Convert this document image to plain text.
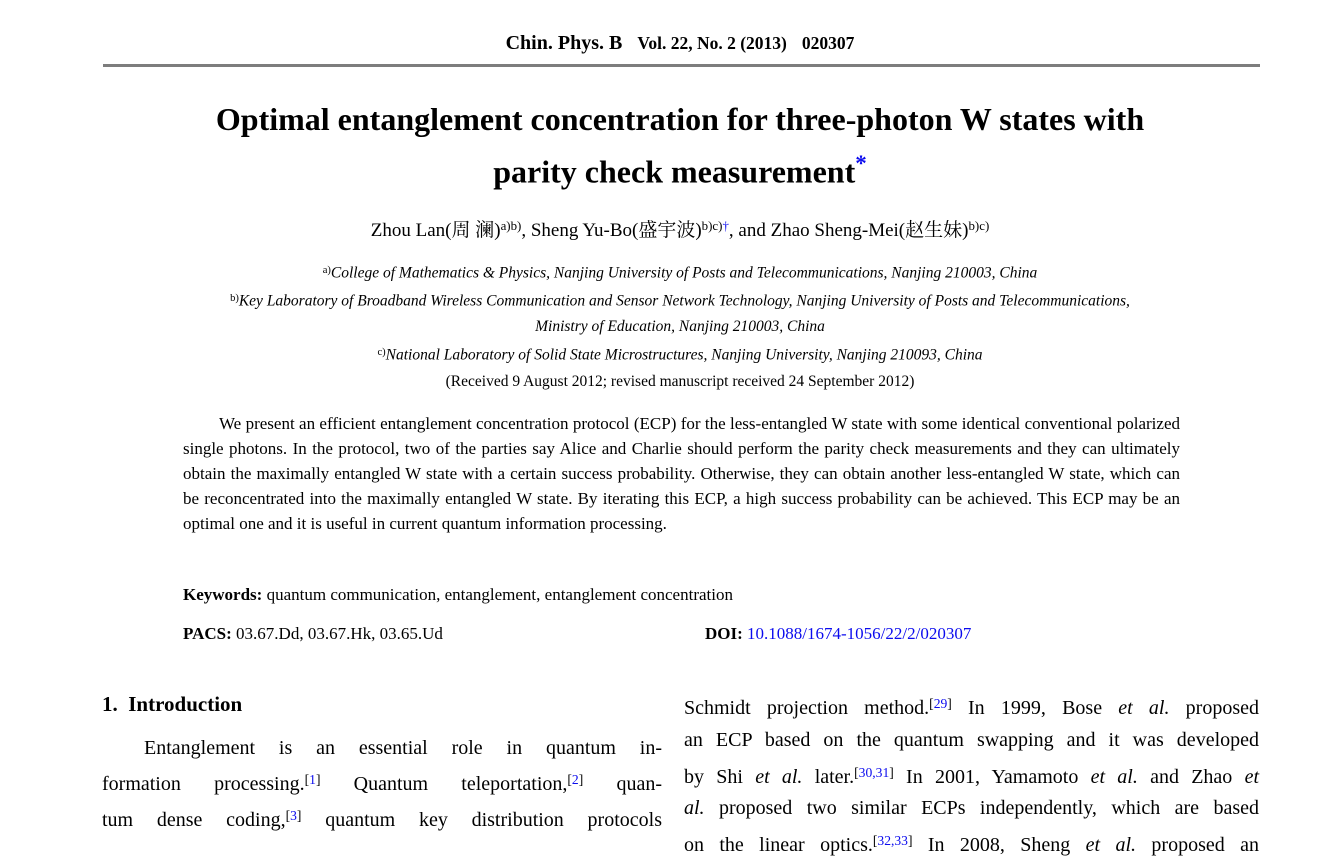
Chin. Phys. B Vol. 22, No. 2 (2013) 020307
Optimal entanglement concentration for three-photon W states with
parity check measurement*
Zhou Lan(周 澜)$^{a)b)}$, Sheng Yu-Bo(盛宇波)$^{b)c)\dagger}$, and Zhao Sheng-Mei(赵生妹)$^{b)c)}$
$^{a)}$College of Mathematics & Physics, Nanjing University of Posts and Telecommunications, Nanjing 210003, China
$^{b)}$Key Laboratory of Broadband Wireless Communication and Sensor Network Technology, Nanjing University of Posts and Telecommunications,
Ministry of Education, Nanjing 210003, China
$^{c)}$National Laboratory of Solid State Microstructures, Nanjing University, Nanjing 210093, China
(Received 9 August 2012; revised manuscript received 24 September 2012)
We present an efficient entanglement concentration protocol (ECP) for the less-entangled W state with some identical conventional polarized single photons. In the protocol, two of the parties say Alice and Charlie should perform the parity check measurements and they can ultimately obtain the maximally entangled W state with a certain success probability. Otherwise, they can obtain another less-entangled W state, which can be reconcentrated into the maximally entangled W state. By iterating this ECP, a high success probability can be achieved. This ECP may be an optimal one and it is useful in current quantum information processing.
Keywords: quantum communication, entanglement, entanglement concentration
PACS: 03.67.Dd, 03.67.Hk, 03.65.Ud	DOI: 10.1088/1674-1056/22/2/020307
1.  Introduction
Entanglement is an essential role in quantum in-
formation processing.[1] Quantum teleportation,[2] quan-
tum dense coding,[3] quantum key distribution protocols
Schmidt projection method.[29] In 1999, Bose et al. proposed
an ECP based on the quantum swapping and it was developed
by Shi et al. later.[30,31] In 2001, Yamamoto et al. and Zhao et
al. proposed two similar ECPs independently, which are based
on the linear optics.[32,33] In 2008, Sheng et al. proposed an
